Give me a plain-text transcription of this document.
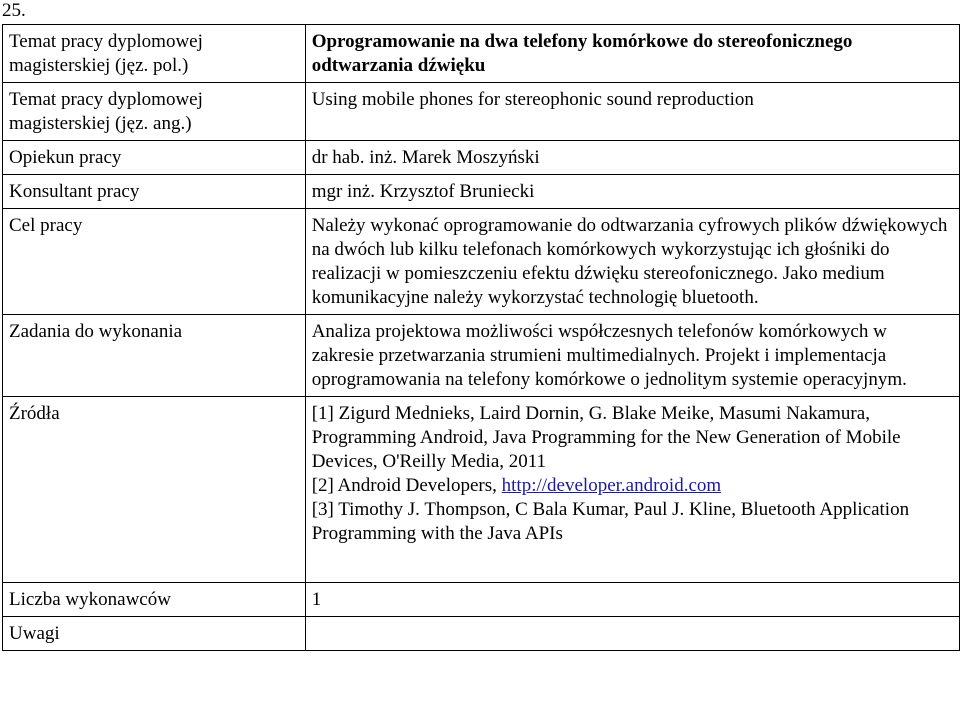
25.
Temat pracy dyplomowej magisterskiej (jęz. pol.)	Oprogramowanie na dwa telefony komórkowe do stereofonicznego odtwarzania dźwięku
Temat pracy dyplomowej magisterskiej (jęz. ang.)	Using mobile phones for stereophonic sound reproduction
Opiekun pracy	dr hab. inż. Marek Moszyński
Konsultant pracy	mgr inż. Krzysztof Bruniecki
Cel pracy	Należy wykonać oprogramowanie do odtwarzania cyfrowych plików dźwiękowych na dwóch lub kilku telefonach komórkowych wykorzystując ich głośniki do realizacji w pomieszczeniu efektu dźwięku stereofonicznego. Jako medium komunikacyjne należy wykorzystać technologię bluetooth.
Zadania do wykonania	Analiza projektowa możliwości współczesnych telefonów komórkowych w zakresie przetwarzania strumieni multimedialnych. Projekt i implementacja oprogramowania na telefony komórkowe o jednolitym systemie operacyjnym.
Źródła	[1] Zigurd Mednieks, Laird Dornin, G. Blake Meike, Masumi Nakamura, Programming Android, Java Programming for the New Generation of Mobile Devices, O'Reilly Media, 2011
[2] Android Developers, http://developer.android.com
[3] Timothy J. Thompson, C Bala Kumar, Paul J. Kline, Bluetooth Application Programming with the Java APIs

Liczba wykonawców	1
Uwagi	
